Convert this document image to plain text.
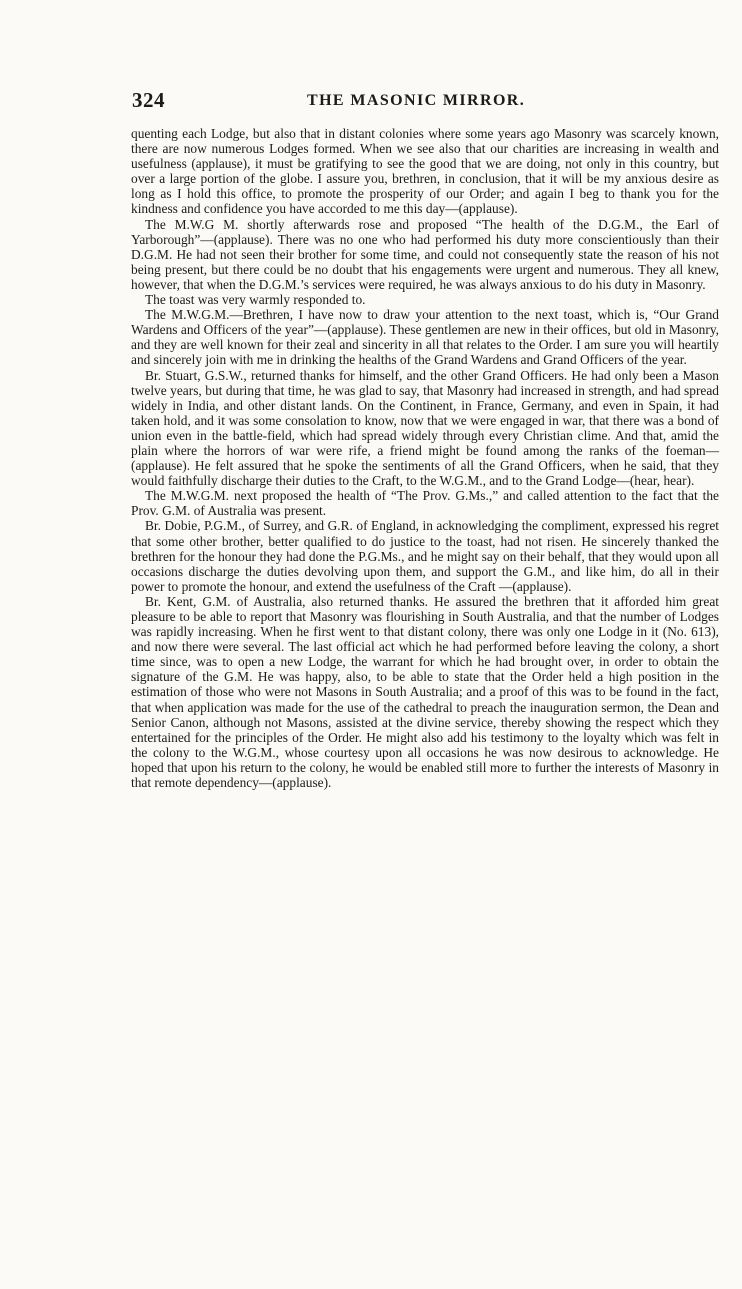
324	THE MASONIC MIRROR.

quenting each Lodge, but also that in distant colonies where some years ago Masonry was scarcely known, there are now numerous Lodges formed. When we see also that our charities are increasing in wealth and usefulness (applause), it must be gratifying to see the good that we are doing, not only in this country, but over a large portion of the globe. I assure you, brethren, in conclusion, that it will be my anxious desire as long as I hold this office, to promote the prosperity of our Order; and again I beg to thank you for the kindness and confidence you have accorded to me this day—(applause).

The M.W.G M. shortly afterwards rose and proposed “The health of the D.G.M., the Earl of Yarborough”—(applause). There was no one who had performed his duty more conscientiously than their D.G.M. He had not seen their brother for some time, and could not consequently state the reason of his not being present, but there could be no doubt that his engagements were urgent and numerous. They all knew, however, that when the D.G.M.’s services were required, he was always anxious to do his duty in Masonry.

The toast was very warmly responded to.

The M.W.G.M.—Brethren, I have now to draw your attention to the next toast, which is, “Our Grand Wardens and Officers of the year”—(applause). These gentlemen are new in their offices, but old in Masonry, and they are well known for their zeal and sincerity in all that relates to the Order. I am sure you will heartily and sincerely join with me in drinking the healths of the Grand Wardens and Grand Officers of the year.

Br. Stuart, G.S.W., returned thanks for himself, and the other Grand Officers. He had only been a Mason twelve years, but during that time, he was glad to say, that Masonry had increased in strength, and had spread widely in India, and other distant lands. On the Continent, in France, Germany, and even in Spain, it had taken hold, and it was some consolation to know, now that we were engaged in war, that there was a bond of union even in the battle-field, which had spread widely through every Christian clime. And that, amid the plain where the horrors of war were rife, a friend might be found among the ranks of the foeman—(applause). He felt assured that he spoke the sentiments of all the Grand Officers, when he said, that they would faithfully discharge their duties to the Craft, to the W.G.M., and to the Grand Lodge—(hear, hear).

The M.W.G.M. next proposed the health of “The Prov. G.Ms.,” and called attention to the fact that the Prov. G.M. of Australia was present.

Br. Dobie, P.G.M., of Surrey, and G.R. of England, in acknowledging the compliment, expressed his regret that some other brother, better qualified to do justice to the toast, had not risen. He sincerely thanked the brethren for the honour they had done the P.G.Ms., and he might say on their behalf, that they would upon all occasions discharge the duties devolving upon them, and support the G.M., and like him, do all in their power to promote the honour, and extend the usefulness of the Craft —(applause).

Br. Kent, G.M. of Australia, also returned thanks. He assured the brethren that it afforded him great pleasure to be able to report that Masonry was flourishing in South Australia, and that the number of Lodges was rapidly increasing. When he first went to that distant colony, there was only one Lodge in it (No. 613), and now there were several. The last official act which he had performed before leaving the colony, a short time since, was to open a new Lodge, the warrant for which he had brought over, in order to obtain the signature of the G.M. He was happy, also, to be able to state that the Order held a high position in the estimation of those who were not Masons in South Australia; and a proof of this was to be found in the fact, that when application was made for the use of the cathedral to preach the inauguration sermon, the Dean and Senior Canon, although not Masons, assisted at the divine service, thereby showing the respect which they entertained for the principles of the Order. He might also add his testimony to the loyalty which was felt in the colony to the W.G.M., whose courtesy upon all occasions he was now desirous to acknowledge. He hoped that upon his return to the colony, he would be enabled still more to further the interests of Masonry in that remote dependency—(applause).
